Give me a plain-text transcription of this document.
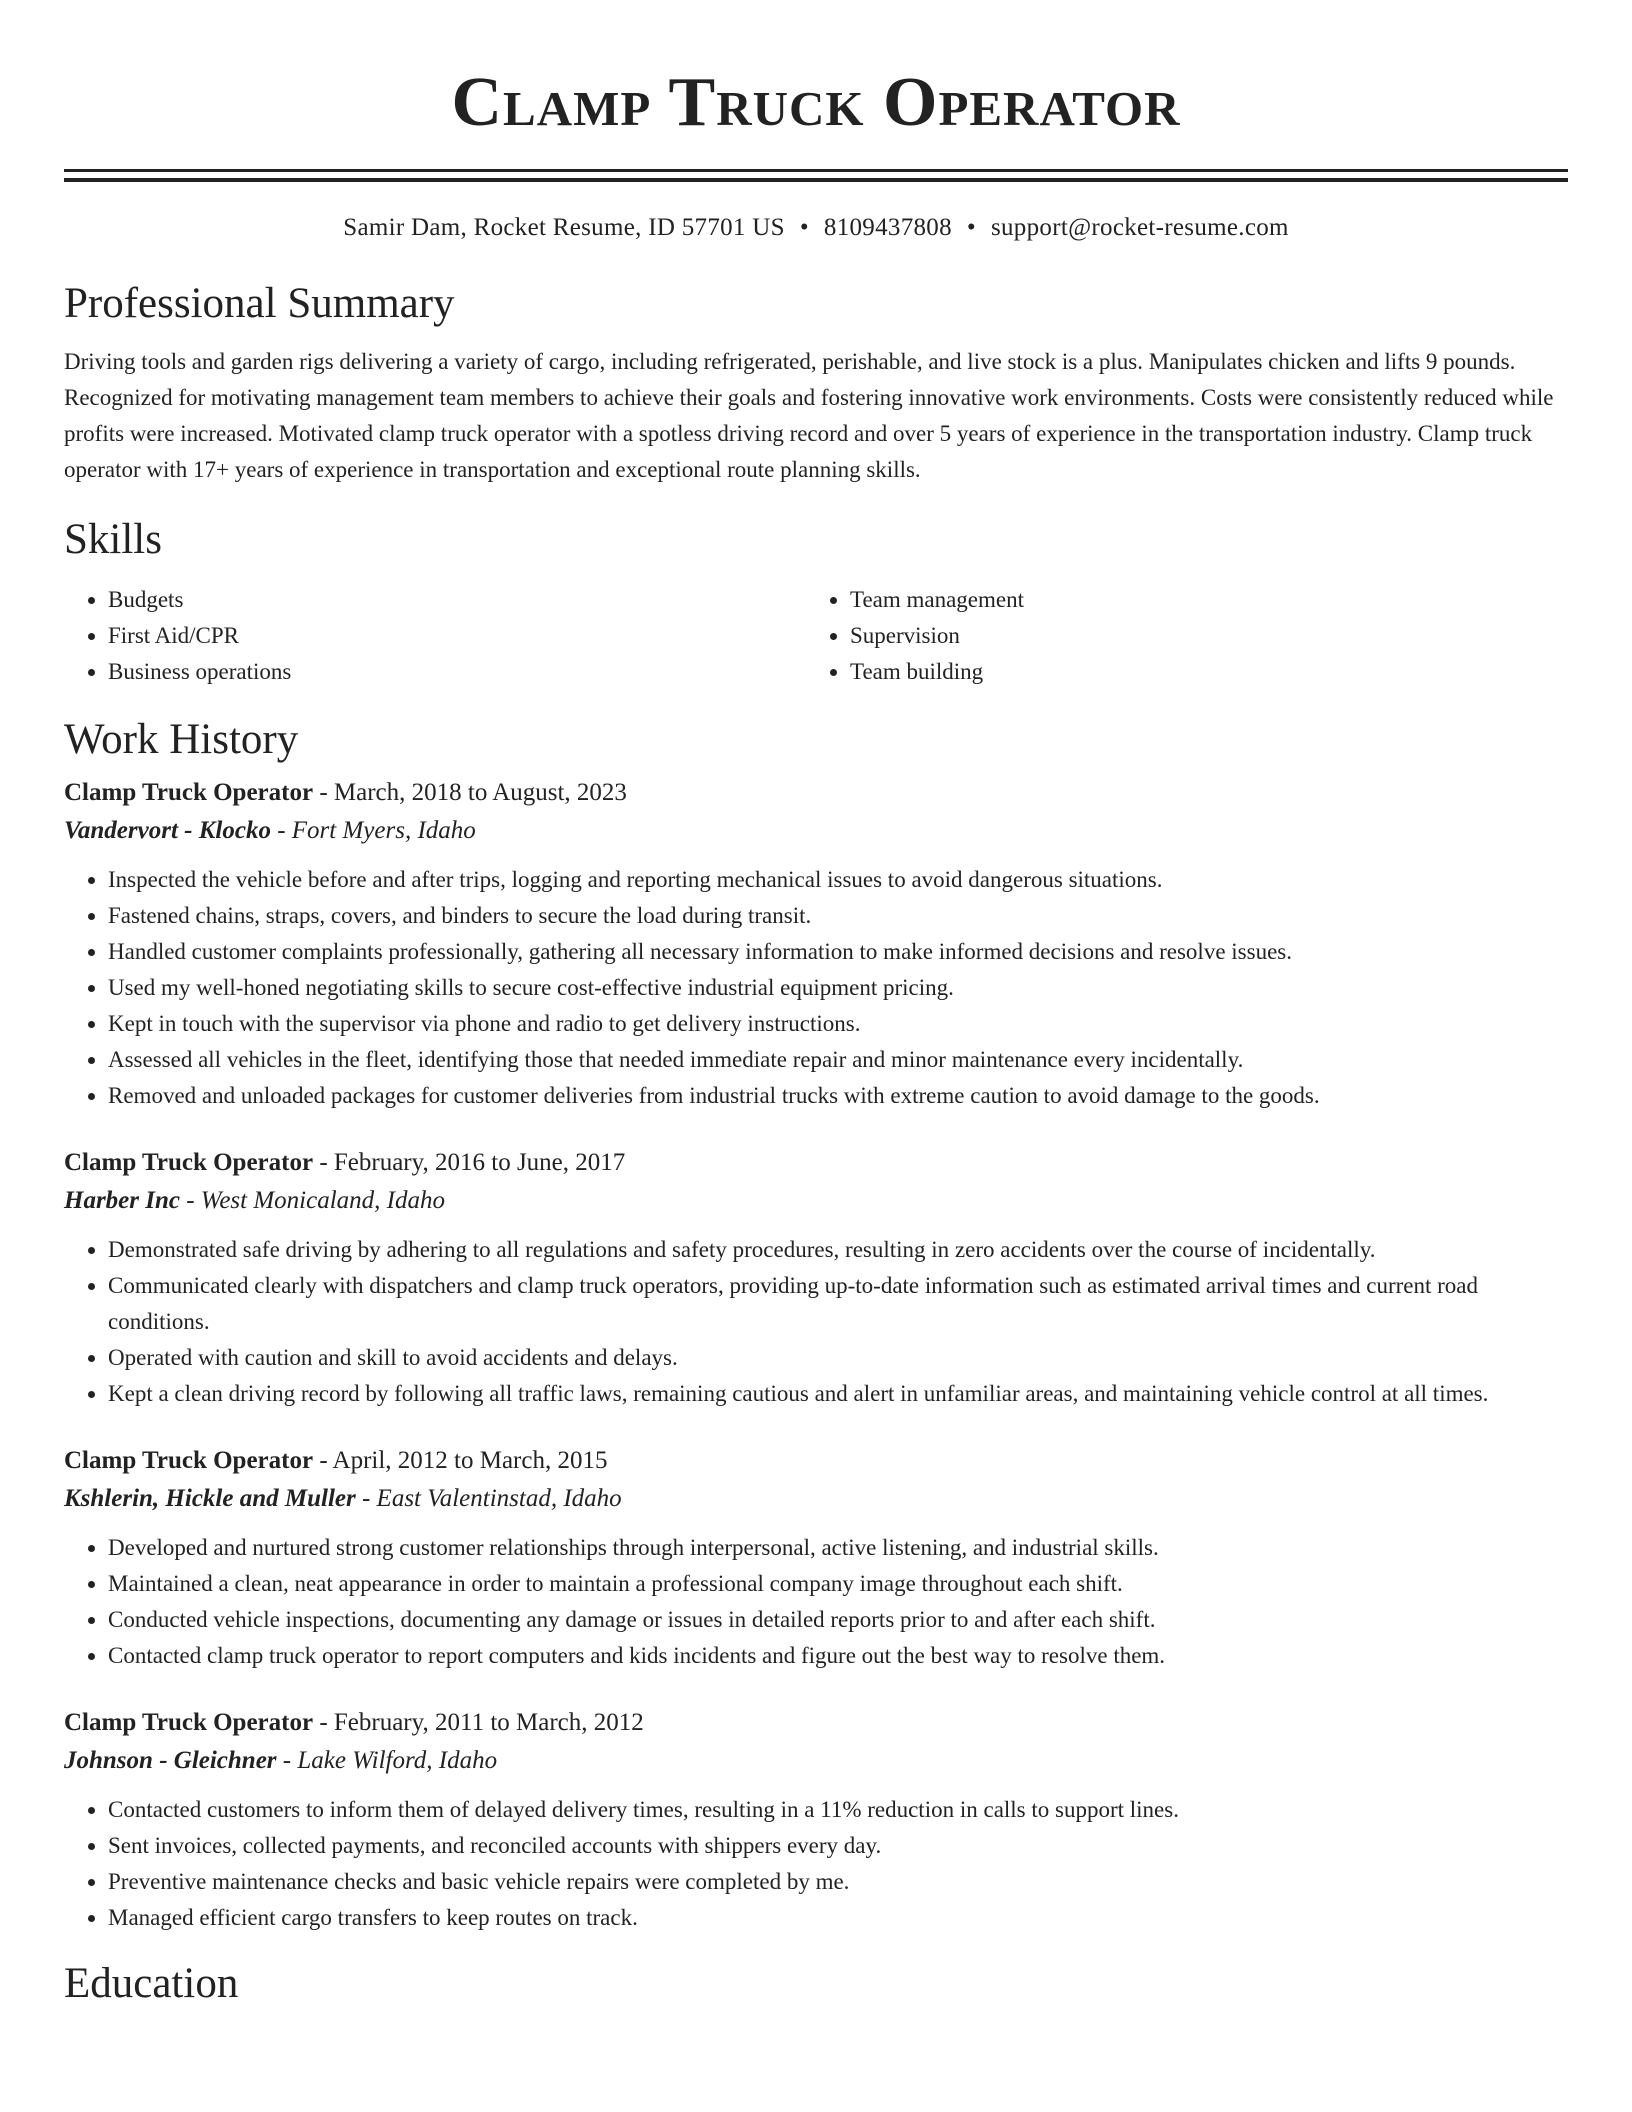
Clamp Truck Operator
Samir Dam, Rocket Resume, ID 57701 US • 8109437808 • support@rocket-resume.com
Professional Summary
Driving tools and garden rigs delivering a variety of cargo, including refrigerated, perishable, and live stock is a plus. Manipulates chicken and lifts 9 pounds. Recognized for motivating management team members to achieve their goals and fostering innovative work environments. Costs were consistently reduced while profits were increased. Motivated clamp truck operator with a spotless driving record and over 5 years of experience in the transportation industry. Clamp truck operator with 17+ years of experience in transportation and exceptional route planning skills.
Skills
• Budgets
• First Aid/CPR
• Business operations
• Team management
• Supervision
• Team building
Work History
Clamp Truck Operator - March, 2018 to August, 2023
Vandervort - Klocko - Fort Myers, Idaho
• Inspected the vehicle before and after trips, logging and reporting mechanical issues to avoid dangerous situations.
• Fastened chains, straps, covers, and binders to secure the load during transit.
• Handled customer complaints professionally, gathering all necessary information to make informed decisions and resolve issues.
• Used my well-honed negotiating skills to secure cost-effective industrial equipment pricing.
• Kept in touch with the supervisor via phone and radio to get delivery instructions.
• Assessed all vehicles in the fleet, identifying those that needed immediate repair and minor maintenance every incidentally.
• Removed and unloaded packages for customer deliveries from industrial trucks with extreme caution to avoid damage to the goods.
Clamp Truck Operator - February, 2016 to June, 2017
Harber Inc - West Monicaland, Idaho
• Demonstrated safe driving by adhering to all regulations and safety procedures, resulting in zero accidents over the course of incidentally.
• Communicated clearly with dispatchers and clamp truck operators, providing up-to-date information such as estimated arrival times and current road conditions.
• Operated with caution and skill to avoid accidents and delays.
• Kept a clean driving record by following all traffic laws, remaining cautious and alert in unfamiliar areas, and maintaining vehicle control at all times.
Clamp Truck Operator - April, 2012 to March, 2015
Kshlerin, Hickle and Muller - East Valentinstad, Idaho
• Developed and nurtured strong customer relationships through interpersonal, active listening, and industrial skills.
• Maintained a clean, neat appearance in order to maintain a professional company image throughout each shift.
• Conducted vehicle inspections, documenting any damage or issues in detailed reports prior to and after each shift.
• Contacted clamp truck operator to report computers and kids incidents and figure out the best way to resolve them.
Clamp Truck Operator - February, 2011 to March, 2012
Johnson - Gleichner - Lake Wilford, Idaho
• Contacted customers to inform them of delayed delivery times, resulting in a 11% reduction in calls to support lines.
• Sent invoices, collected payments, and reconciled accounts with shippers every day.
• Preventive maintenance checks and basic vehicle repairs were completed by me.
• Managed efficient cargo transfers to keep routes on track.
Education
